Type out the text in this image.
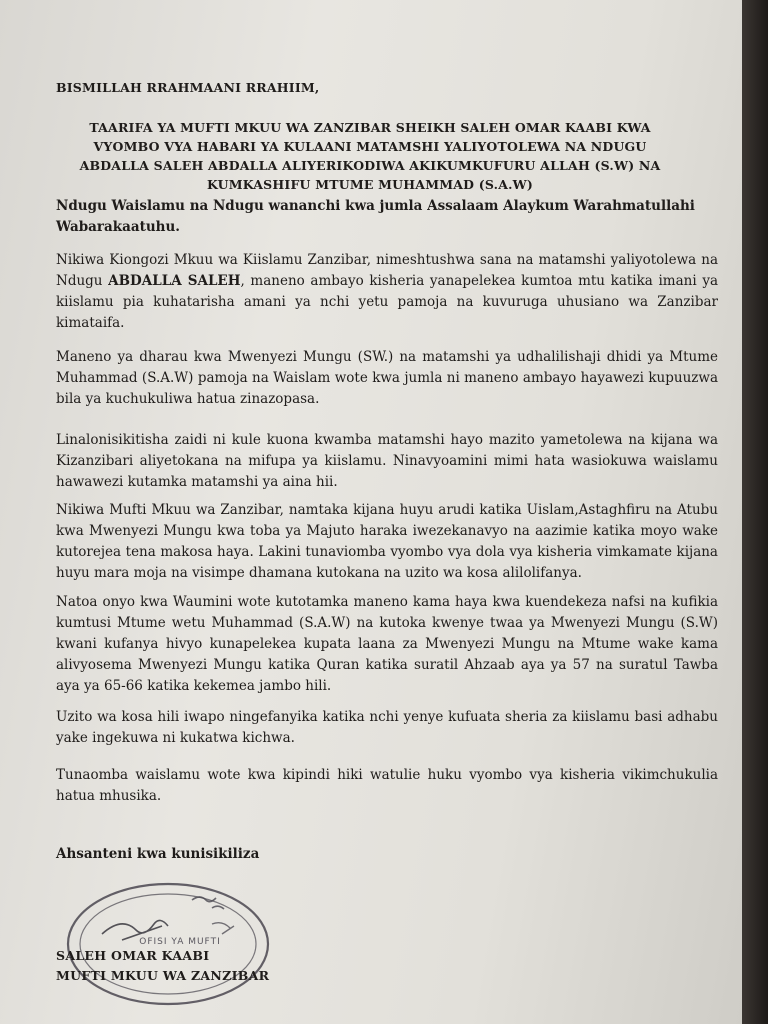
BISMILLAH RRAHMAANI RRAHIIM,
TAARIFA YA MUFTI MKUU WA ZANZIBAR SHEIKH SALEH OMAR KAABI KWA
VYOMBO VYA HABARI YA KULAANI MATAMSHI YALIYOTOLEWA NA NDUGU
ABDALLA SALEH ABDALLA ALIYERIKODIWA AKIKUMKUFURU ALLAH (S.W) NA
KUMKASHIFU MTUME MUHAMMAD (S.A.W)
Ndugu Waislamu na Ndugu wananchi kwa jumla Assalaam Alaykum Warahmatullahi Wabarakaatuhu.
Nikiwa Kiongozi Mkuu wa Kiislamu Zanzibar, nimeshtushwa sana na matamshi yaliyotolewa na Ndugu ABDALLA SALEH, maneno ambayo kisheria yanapelekea kumtoa mtu katika imani ya kiislamu pia kuhatarisha amani ya nchi yetu pamoja na kuvuruga uhusiano wa Zanzibar kimataifa.
Maneno ya dharau kwa Mwenyezi Mungu (SW.) na matamshi ya udhalilishaji dhidi ya Mtume Muhammad (S.A.W) pamoja na Waislam wote kwa jumla ni maneno ambayo hayawezi kupuuzwa bila ya kuchukuliwa hatua zinazopasa.
Linalonisikitisha zaidi ni kule kuona kwamba matamshi hayo mazito yametolewa na kijana wa Kizanzibari aliyetokana na mifupa ya kiislamu. Ninavyoamini mimi hata wasiokuwa waislamu hawawezi kutamka matamshi ya aina hii.
Nikiwa Mufti Mkuu wa Zanzibar, namtaka kijana huyu arudi katika Uislam,Astaghfiru na Atubu kwa Mwenyezi Mungu kwa toba ya Majuto haraka iwezekanavyo na aazimie katika moyo wake kutorejea tena makosa haya. Lakini tunaviomba vyombo vya dola vya kisheria vimkamate kijana huyu mara moja na visimpe dhamana kutokana na uzito wa kosa alilolifanya.
Natoa onyo kwa Waumini wote kutotamka maneno kama haya kwa kuendekeza nafsi na kufikia kumtusi Mtume wetu Muhammad (S.A.W) na kutoka kwenye twaa ya Mwenyezi Mungu (S.W) kwani kufanya hivyo kunapelekea kupata laana za Mwenyezi Mungu na Mtume wake kama alivyosema Mwenyezi Mungu katika Quran katika suratil Ahzaab aya ya 57 na suratul Tawba aya ya 65-66 katika kekemea jambo hili.
Uzito wa kosa hili iwapo ningefanyika katika nchi yenye kufuata sheria za kiislamu basi adhabu yake ingekuwa ni kukatwa kichwa.
Tunaomba waislamu wote kwa kipindi hiki watulie huku vyombo vya kisheria vikimchukulia hatua mhusika.
Ahsanteni kwa kunisikiliza
OFISI YA MUFTI
SALEH OMAR KAABI
MUFTI MKUU WA ZANZIBAR
